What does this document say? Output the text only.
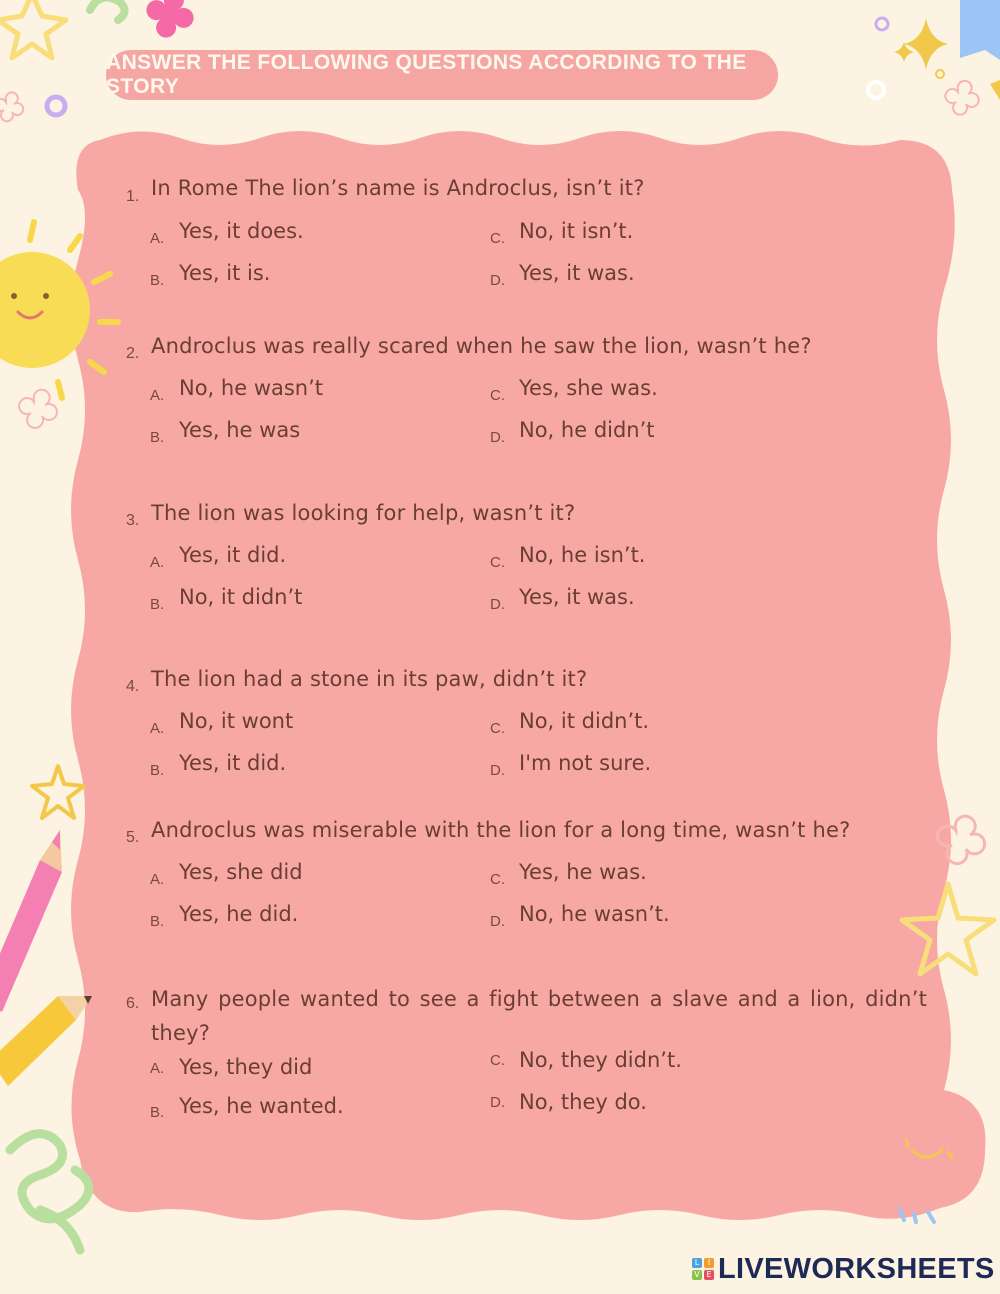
ANSWER THE FOLLOWING QUESTIONS ACCORDING TO THE STORY
1. In Rome The lion’s name is Androclus, isn’t it?
A. Yes, it does.
B. Yes, it is.
C. No, it isn’t.
D. Yes, it was.
2. Androclus was really scared when he saw the lion, wasn’t he?
A. No, he wasn’t
B. Yes, he was
C. Yes, she was.
D. No, he didn’t
3. The lion was looking for help, wasn’t it?
A. Yes, it did.
B. No, it didn’t
C. No, he isn’t.
D. Yes, it was.
4. The lion had a stone in its paw, didn’t it?
A. No, it wont
B. Yes, it did.
C. No, it didn’t.
D. I'm not sure.
5. Androclus was miserable with the lion for a long time, wasn’t he?
A. Yes, she did
B. Yes, he did.
C. Yes, he was.
D. No, he wasn’t.
6. Many people wanted to see a fight between a slave and a lion, didn’t they?
A. Yes, they did
B. Yes, he wanted.
C. No, they didn’t.
D. No, they do.
L	I
V E LIVEWORKSHEETS
